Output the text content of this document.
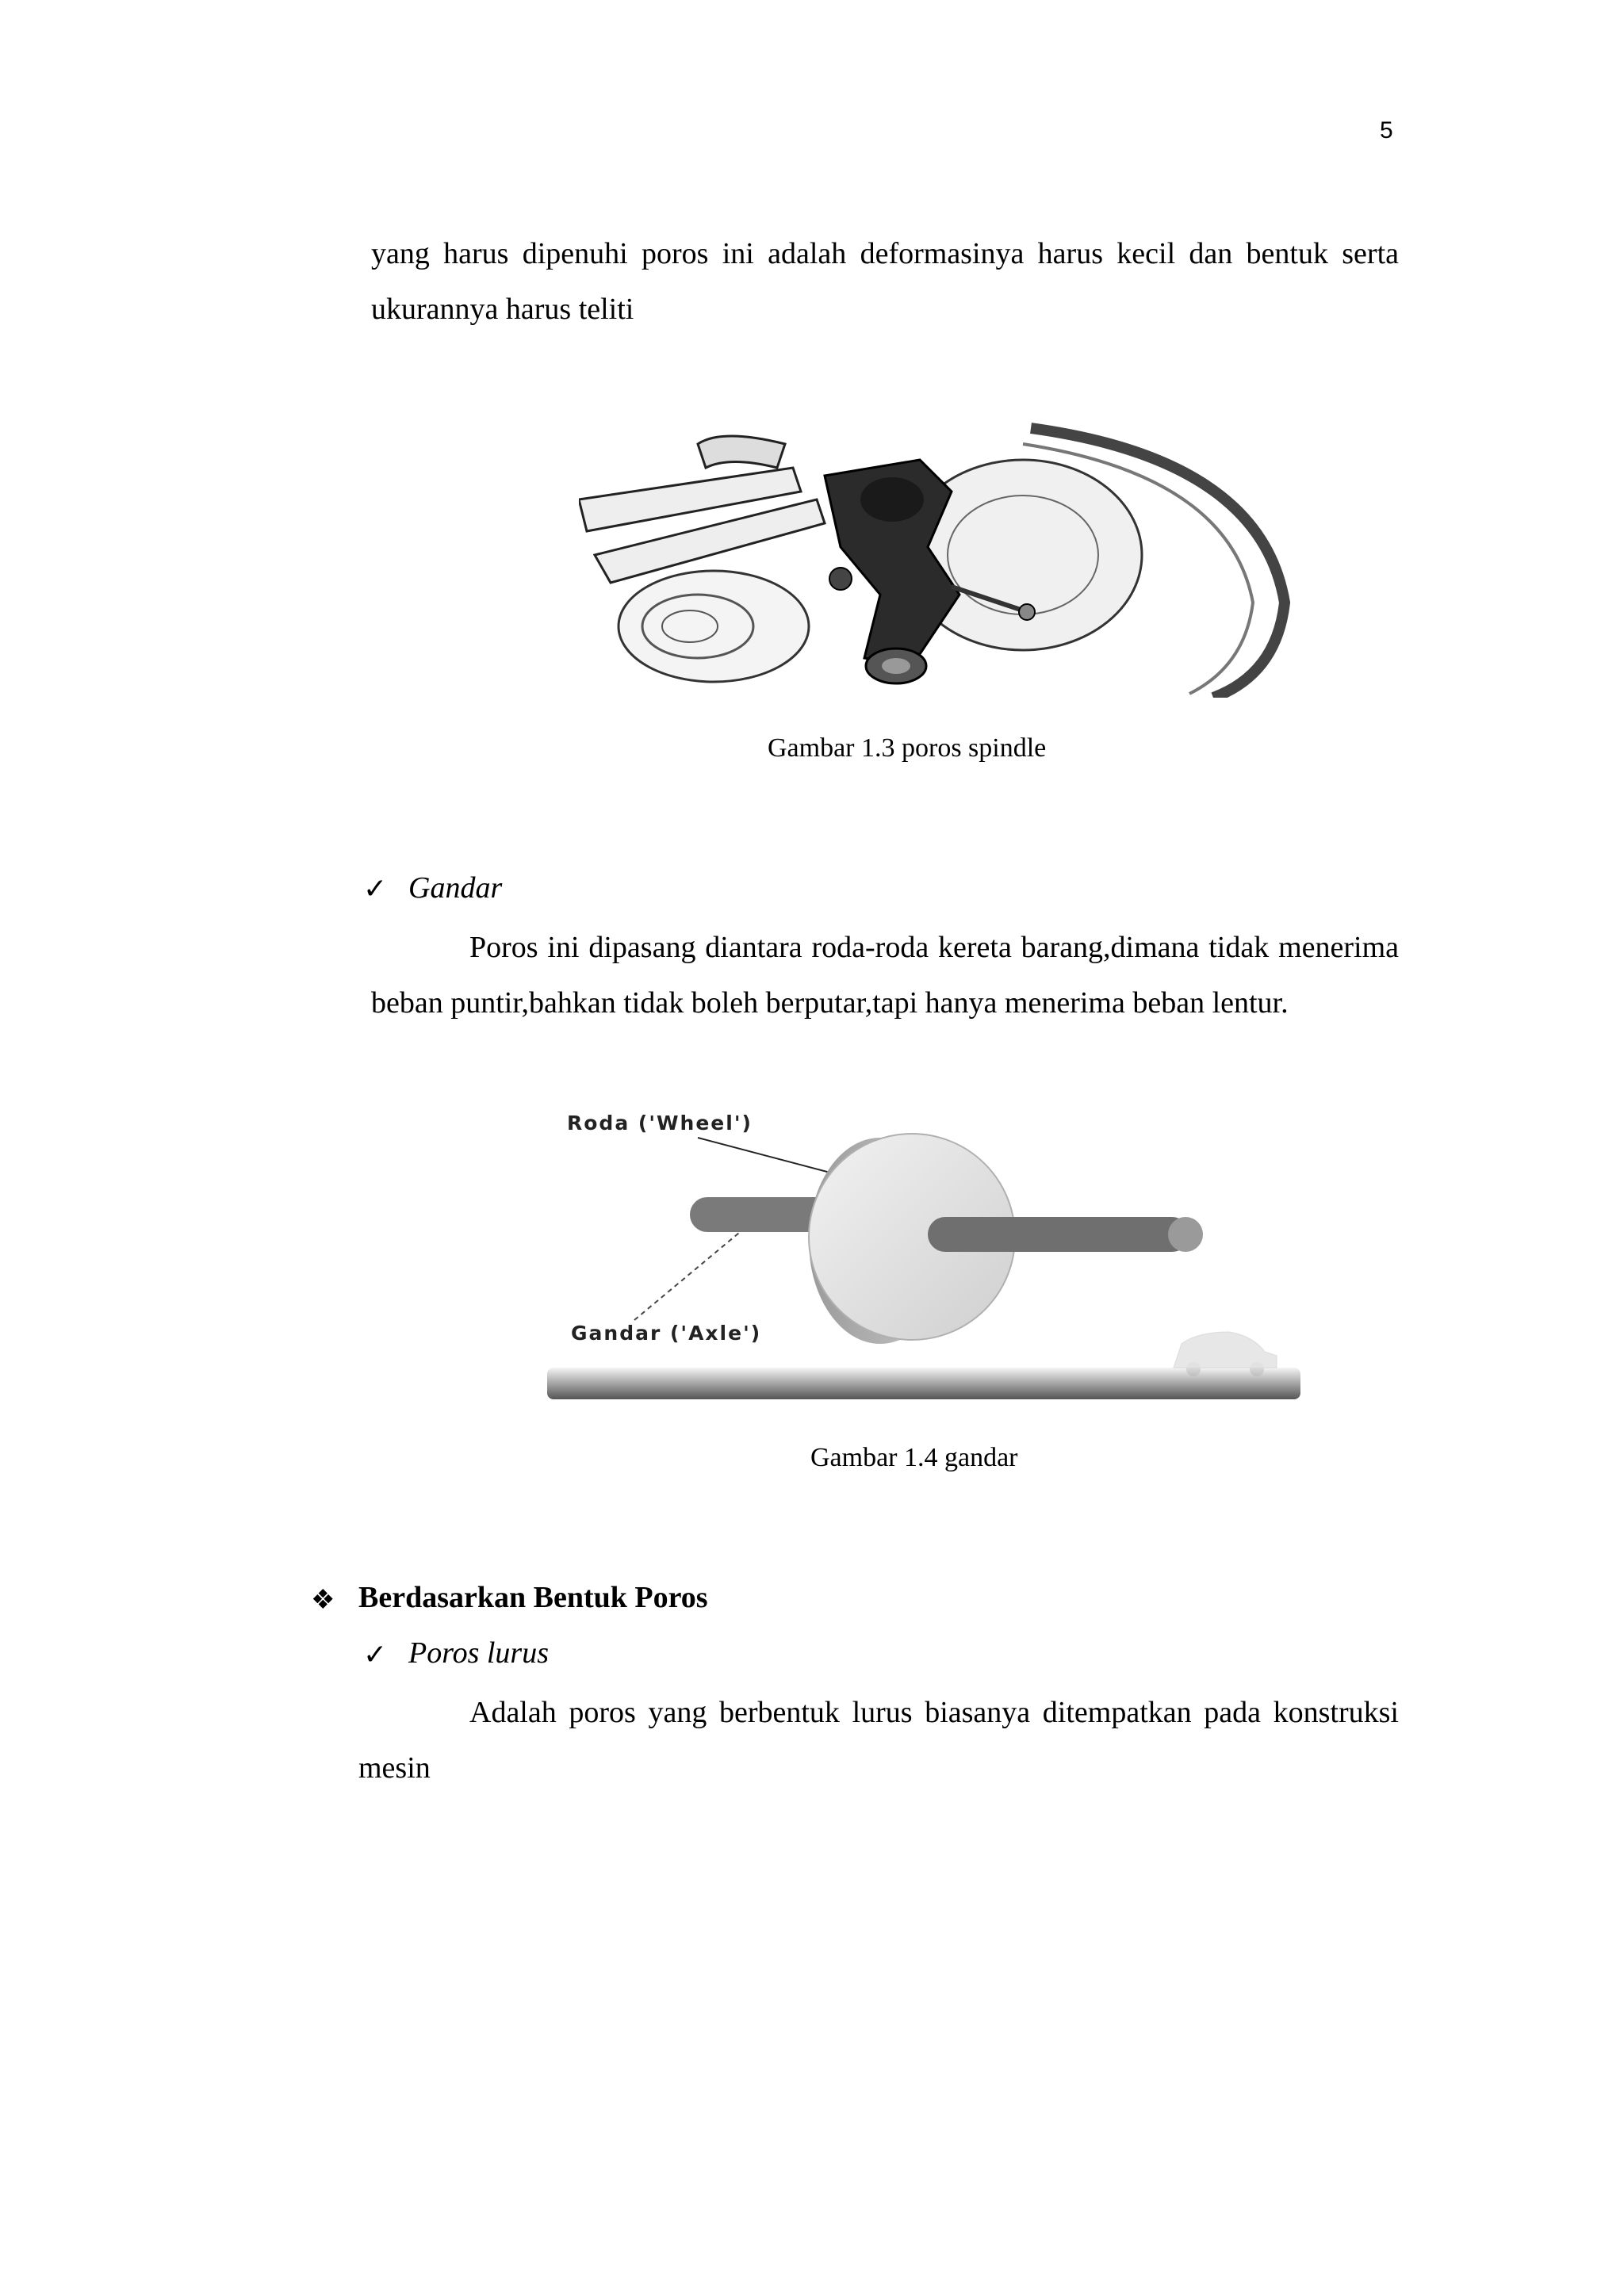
5
yang harus dipenuhi poros ini adalah deformasinya harus kecil dan bentuk serta ukurannya harus teliti
Gambar 1.3 poros spindle
✓ Gandar
Poros ini dipasang diantara roda-roda kereta barang,dimana tidak menerima beban puntir,bahkan tidak boleh berputar,tapi hanya menerima beban lentur.
Roda ('Wheel')
Gandar ('Axle')
Gambar 1.4 gandar
❖ Berdasarkan Bentuk Poros
✓ Poros lurus
Adalah poros yang berbentuk lurus biasanya ditempatkan pada konstruksi mesin
